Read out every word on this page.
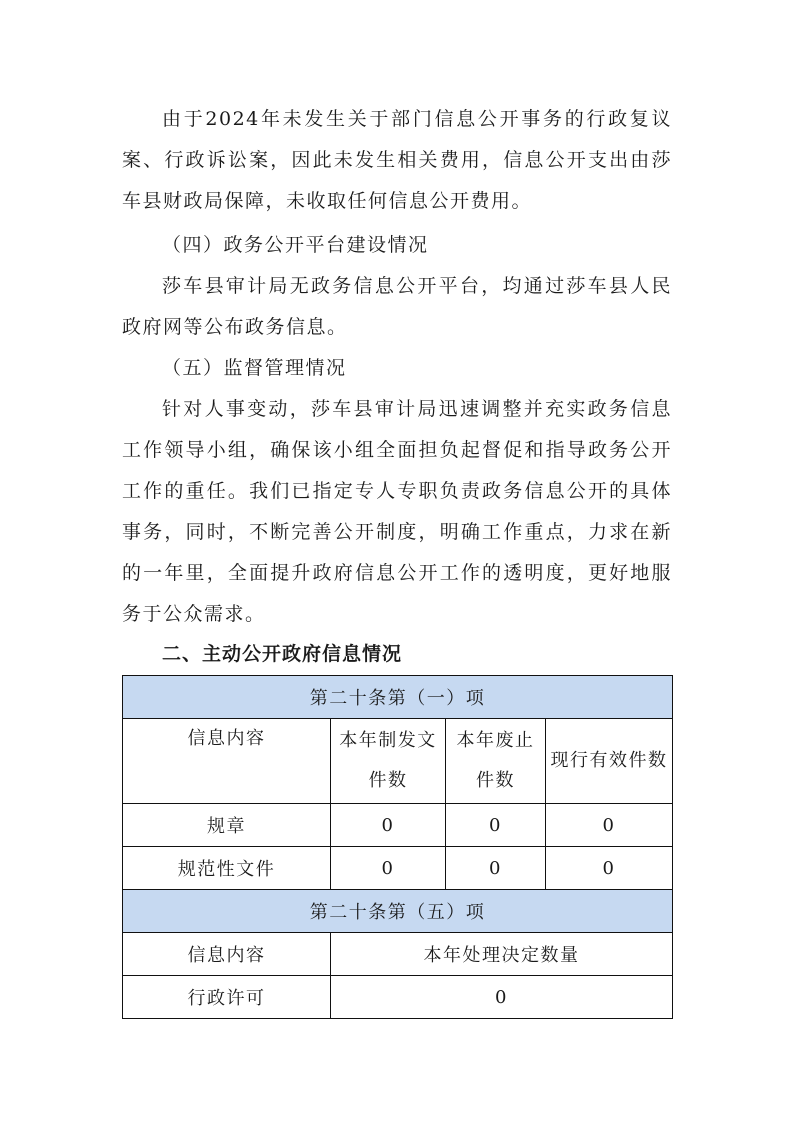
由于2024年未发生关于部门信息公开事务的行政复议案、行政诉讼案，因此未发生相关费用，信息公开支出由莎车县财政局保障，未收取任何信息公开费用。

（四）政务公开平台建设情况

莎车县审计局无政务信息公开平台，均通过莎车县人民政府网等公布政务信息。

（五）监督管理情况

针对人事变动，莎车县审计局迅速调整并充实政务信息工作领导小组，确保该小组全面担负起督促和指导政务公开工作的重任。我们已指定专人专职负责政务信息公开的具体事务，同时，不断完善公开制度，明确工作重点，力求在新的一年里，全面提升政府信息公开工作的透明度，更好地服务于公众需求。

二、主动公开政府信息情况

第二十条第（一）项			
信息内容	本年制发文件数	本年废止件数	现行有效件数
规章	0	0	0
规范性文件	0	0	0
第二十条第（五）项			
信息内容	本年处理决定数量		
行政许可	0		
